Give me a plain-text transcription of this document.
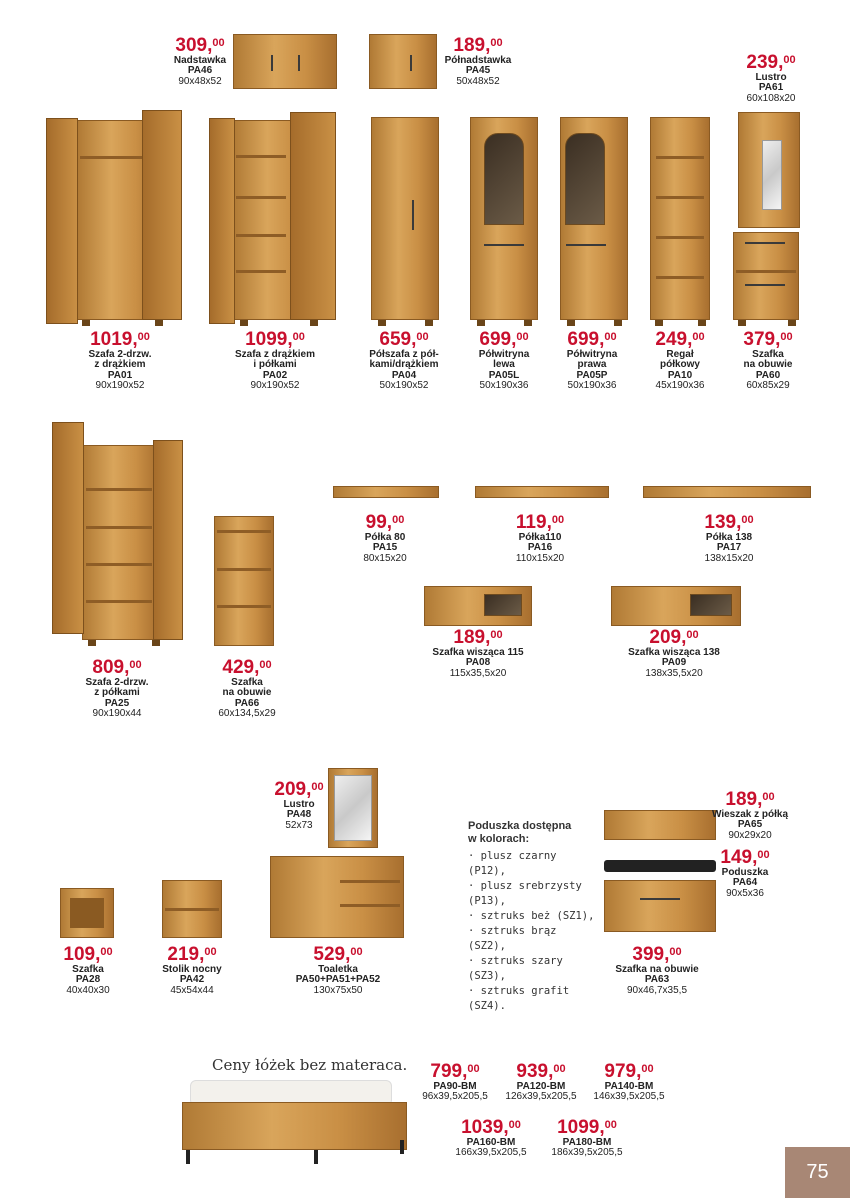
309,00
Nadstawka
PA46
90x48x52
189,00
Półnadstawka
PA45
50x48x52
239,00
Lustro
PA61
60x108x20
1019,00
Szafa 2-drzw.
z drążkiem
PA01
90x190x52
1099,00
Szafa z drążkiem
i półkami
PA02
90x190x52
659,00
Półszafa z pół-
kami/drążkiem
PA04
50x190x52
699,00
Półwitryna
lewa
PA05L
50x190x36
699,00
Półwitryna
prawa
PA05P
50x190x36
249,00
Regał
półkowy
PA10
45x190x36
379,00
Szafka
na obuwie
PA60
60x85x29
99,00
Półka 80
PA15
80x15x20
119,00
Półka110
PA16
110x15x20
139,00
Półka 138
PA17
138x15x20
189,00
Szafka wisząca 115
PA08
115x35,5x20
209,00
Szafka wisząca 138
PA09
138x35,5x20
809,00
Szafa 2-drzw.
z półkami
PA25
90x190x44
429,00
Szafka
na obuwie
PA66
60x134,5x29
209,00
Lustro
PA48
52x73
189,00
Wieszak z półką
PA65
90x29x20
149,00
Poduszka
PA64
90x5x36
109,00
Szafka
PA28
40x40x30
219,00
Stolik nocny
PA42
45x54x44
529,00
Toaletka
PA50+PA51+PA52
130x75x50
399,00
Szafka na obuwie
PA63
90x46,7x35,5
799,00
PA90-BM
96x39,5x205,5
939,00
PA120-BM
126x39,5x205,5
979,00
PA140-BM
146x39,5x205,5
1039,00
PA160-BM
166x39,5x205,5
1099,00
PA180-BM
186x39,5x205,5
Poduszka dostępna
w kolorach:
· plusz czarny (P12),
· plusz srebrzysty (P13),
· sztruks beż (SZ1),
· sztruks brąz (SZ2),
· sztruks szary (SZ3),
· sztruks grafit (SZ4).
Ceny łóżek bez materaca.
75
